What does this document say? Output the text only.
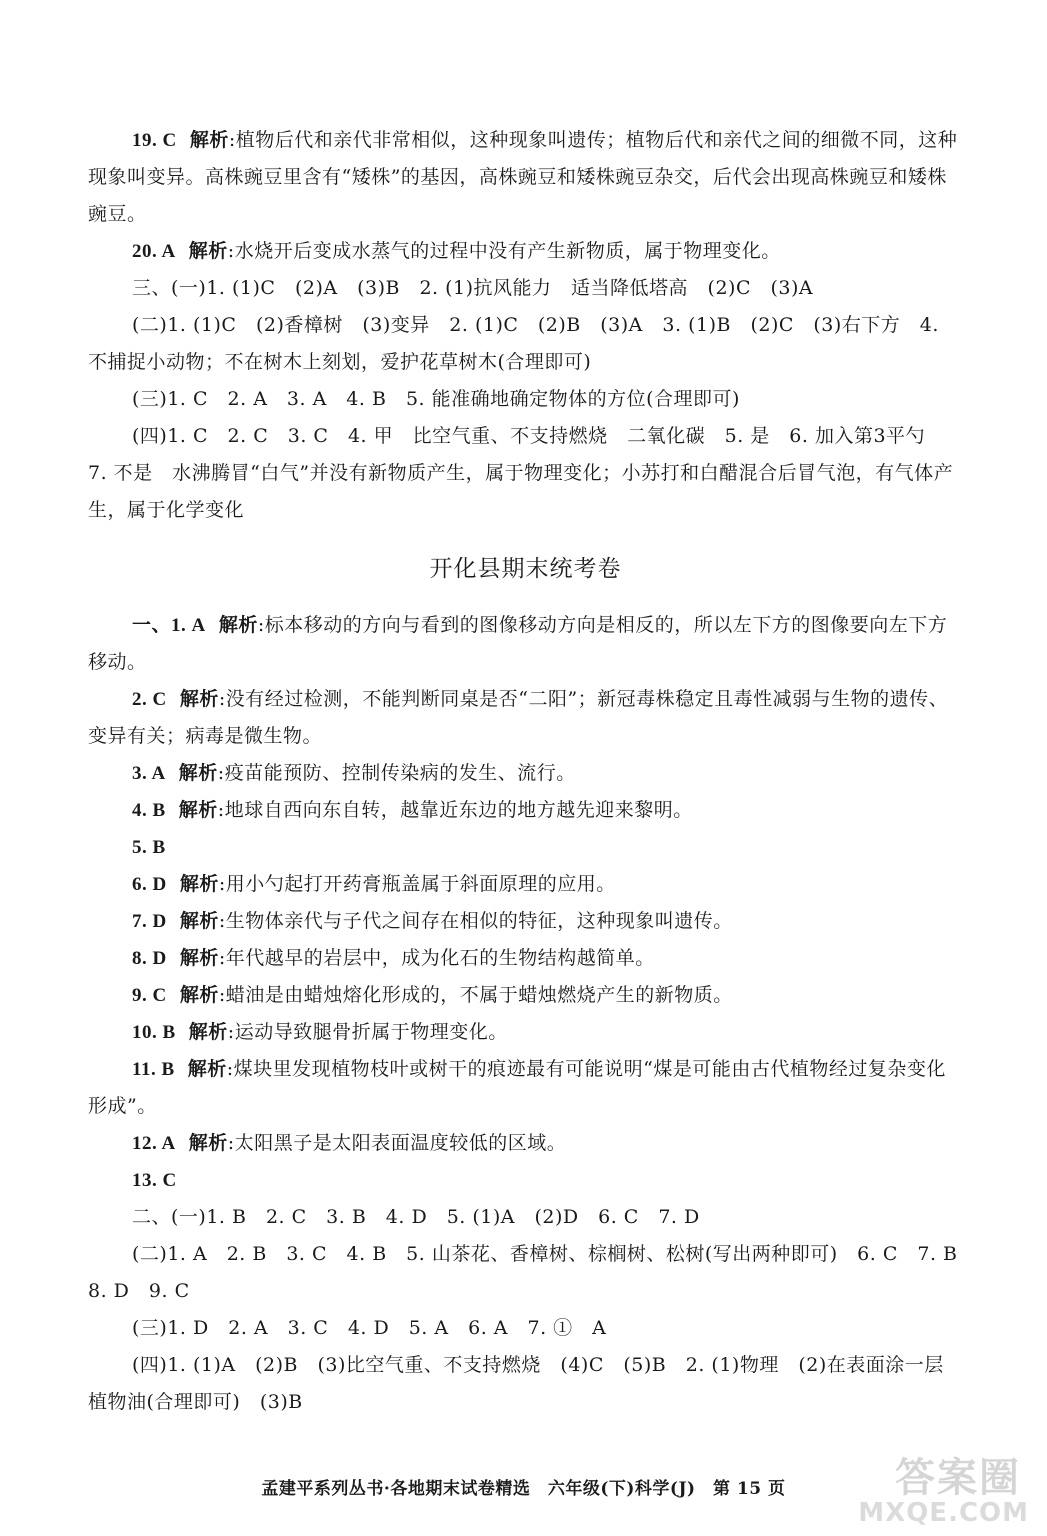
19. C 解析:植物后代和亲代非常相似，这种现象叫遗传；植物后代和亲代之间的细微不同，这种现象叫变异。高株豌豆里含有“矮株”的基因，高株豌豆和矮株豌豆杂交，后代会出现高株豌豆和矮株豌豆。

20. A 解析:水烧开后变成水蒸气的过程中没有产生新物质，属于物理变化。

三、(一)1. (1)C　(2)A　(3)B　2. (1)抗风能力　适当降低塔高　(2)C　(3)A

(二)1. (1)C　(2)香樟树　(3)变异　2. (1)C　(2)B　(3)A　3. (1)B　(2)C　(3)右下方　4. 不捕捉小动物；不在树木上刻划，爱护花草树木(合理即可)

(三)1. C　2. A　3. A　4. B　5. 能准确地确定物体的方位(合理即可)

(四)1. C　2. C　3. C　4. 甲　比空气重、不支持燃烧　二氧化碳　5. 是　6. 加入第3平勺　7. 不是　水沸腾冒“白气”并没有新物质产生，属于物理变化；小苏打和白醋混合后冒气泡，有气体产生，属于化学变化

开化县期末统考卷

一、1. A 解析:标本移动的方向与看到的图像移动方向是相反的，所以左下方的图像要向左下方移动。

2. C 解析:没有经过检测，不能判断同桌是否“二阳”；新冠毒株稳定且毒性减弱与生物的遗传、变异有关；病毒是微生物。

3. A 解析:疫苗能预防、控制传染病的发生、流行。

4. B 解析:地球自西向东自转，越靠近东边的地方越先迎来黎明。

5. B

6. D 解析:用小勺起打开药膏瓶盖属于斜面原理的应用。

7. D 解析:生物体亲代与子代之间存在相似的特征，这种现象叫遗传。

8. D 解析:年代越早的岩层中，成为化石的生物结构越简单。

9. C 解析:蜡油是由蜡烛熔化形成的，不属于蜡烛燃烧产生的新物质。

10. B 解析:运动导致腿骨折属于物理变化。

11. B 解析:煤块里发现植物枝叶或树干的痕迹最有可能说明“煤是可能由古代植物经过复杂变化形成”。

12. A 解析:太阳黑子是太阳表面温度较低的区域。

13. C

二、(一)1. B　2. C　3. B　4. D　5. (1)A　(2)D　6. C　7. D

(二)1. A　2. B　3. C　4. B　5. 山茶花、香樟树、棕榈树、松树(写出两种即可)　6. C　7. B　8. D　9. C

(三)1. D　2. A　3. C　4. D　5. A　6. A　7. ①　A

(四)1. (1)A　(2)B　(3)比空气重、不支持燃烧　(4)C　(5)B　2. (1)物理　(2)在表面涂一层植物油(合理即可)　(3)B

孟建平系列丛书·各地期末试卷精选　六年级(下)科学(J)　第 15 页	答案圈
MXQE.COM
